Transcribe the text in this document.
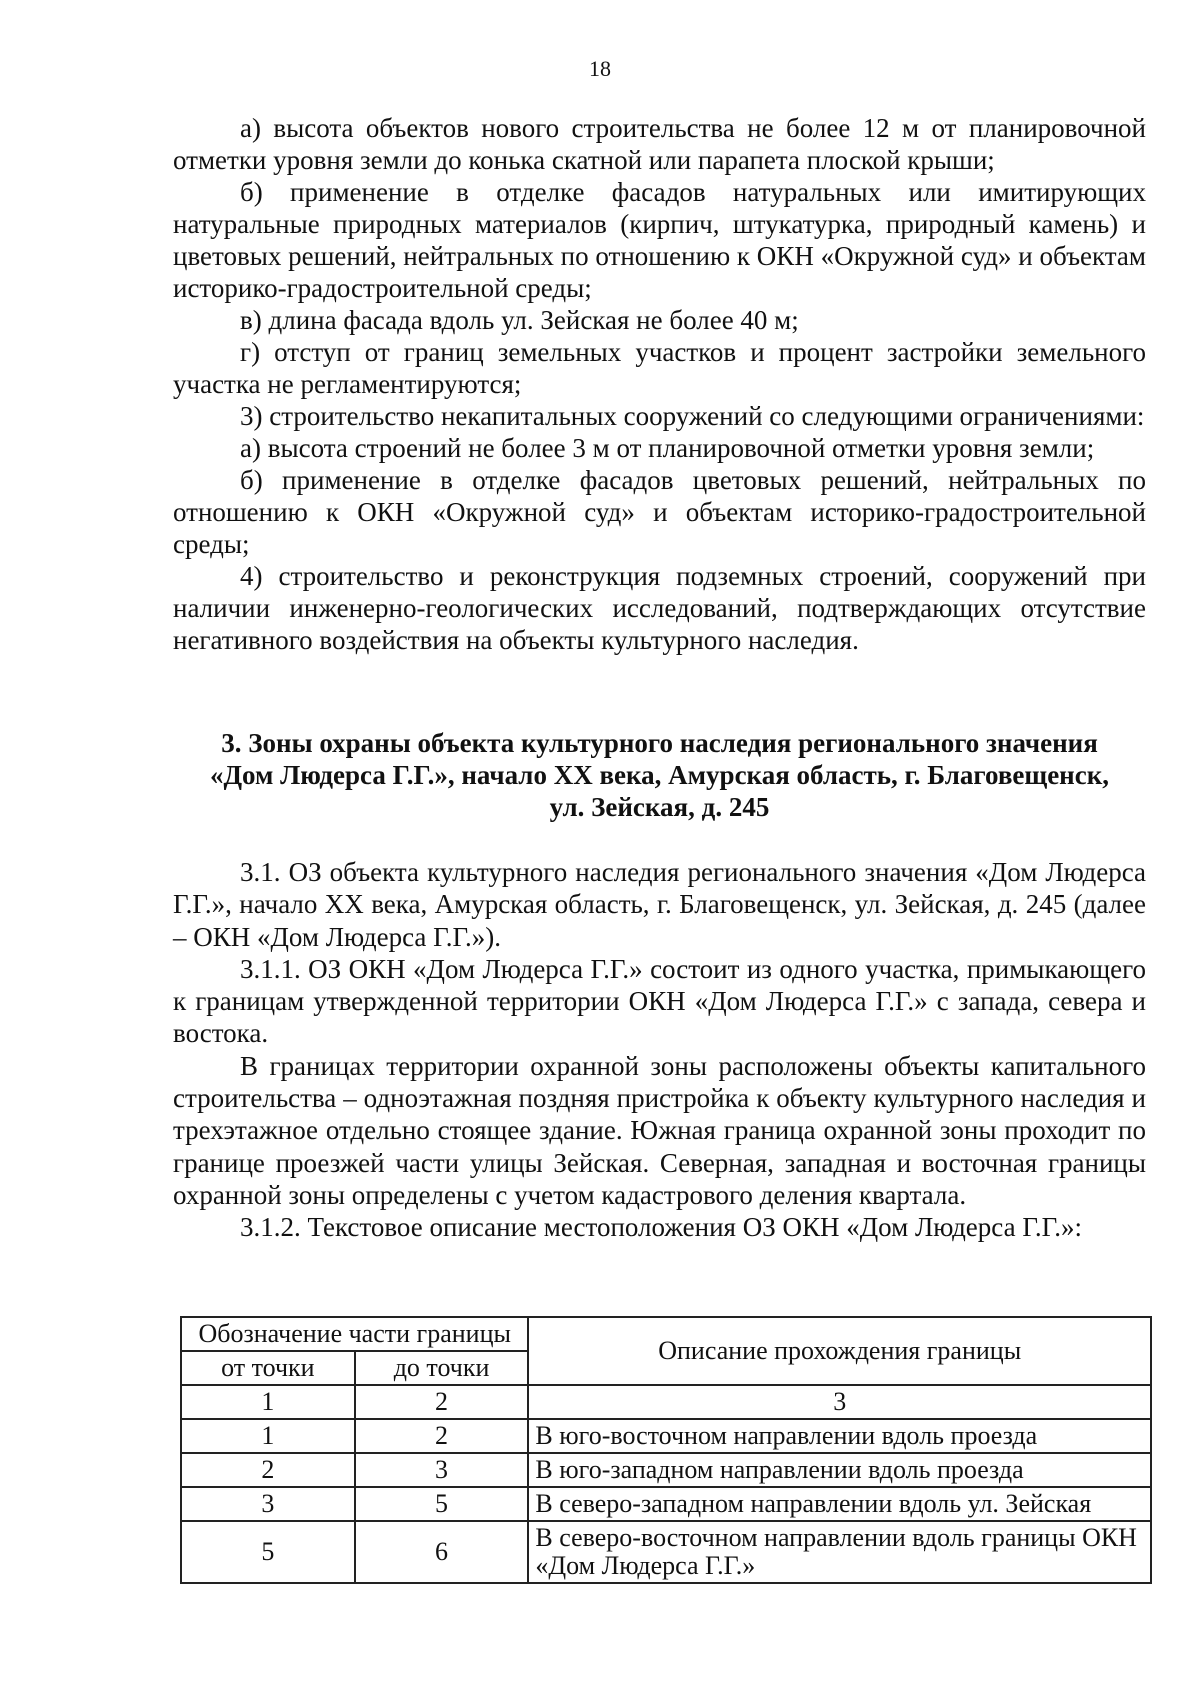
18

а) высота объектов нового строительства не более 12 м от планировочной отметки уровня земли до конька скатной или парапета плоской крыши;

б) применение в отделке фасадов натуральных или имитирующих натуральные природных материалов (кирпич, штукатурка, природный камень) и цветовых решений, нейтральных по отношению к ОКН «Окружной суд» и объектам историко-градостроительной среды;

в) длина фасада вдоль ул. Зейская не более 40 м;

г) отступ от границ земельных участков и процент застройки земельного участка не регламентируются;

3) строительство некапитальных сооружений со следующими ограничениями:

а) высота строений не более 3 м от планировочной отметки уровня земли;

б) применение в отделке фасадов цветовых решений, нейтральных по отношению к ОКН «Окружной суд» и объектам историко-градостроительной среды;

4) строительство и реконструкция подземных строений, сооружений при наличии инженерно-геологических исследований, подтверждающих отсутствие негативного воздействия на объекты культурного наследия.

3. Зоны охраны объекта культурного наследия регионального значения
«Дом Людерса Г.Г.», начало XX века, Амурская область, г. Благовещенск,
ул. Зейская, д. 245

3.1. ОЗ объекта культурного наследия регионального значения «Дом Людерса Г.Г.», начало XX века, Амурская область, г. Благовещенск, ул. Зейская, д. 245 (далее – ОКН «Дом Людерса Г.Г.»).

3.1.1. ОЗ ОКН «Дом Людерса Г.Г.» состоит из одного участка, примыкающего к границам утвержденной территории ОКН «Дом Людерса Г.Г.» с запада, севера и востока.

В границах территории охранной зоны расположены объекты капитального строительства – одноэтажная поздняя пристройка к объекту культурного наследия и трехэтажное отдельно стоящее здание. Южная граница охранной зоны проходит по границе проезжей части улицы Зейская. Северная, западная и восточная границы охранной зоны определены с учетом кадастрового деления квартала.

3.1.2. Текстовое описание местоположения ОЗ ОКН «Дом Людерса Г.Г.»:

Обозначение части границы		Описание прохождения границы
от точки	до точки	
1	2	3
1	2	В юго-восточном направлении вдоль проезда
2	3	В юго-западном направлении вдоль проезда
3	5	В северо-западном направлении вдоль ул. Зейская
5	6	В северо-восточном направлении вдоль границы ОКН «Дом Людерса Г.Г.»
